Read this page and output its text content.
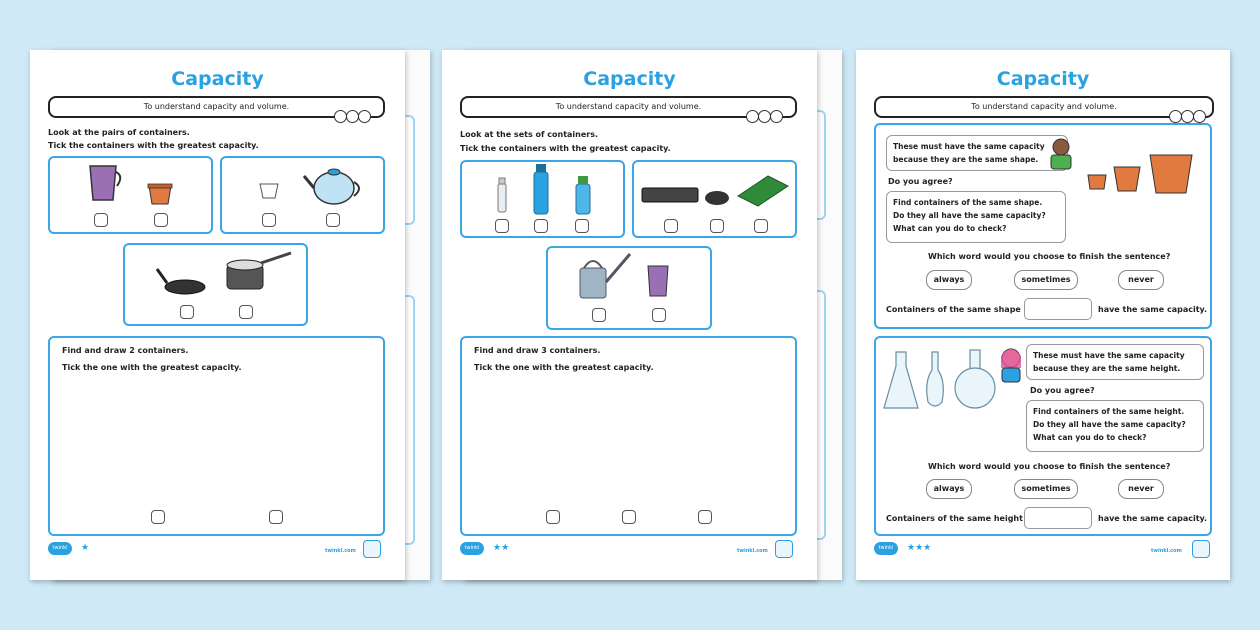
Capacity
To understand capacity and volume.
Look at the pairs of containers.
Tick the containers with the greatest capacity.
Find and draw 2 containers.
Tick the one with the greatest capacity.
twinkl	★	twinkl.com
Capacity
To understand capacity and volume.
Look at the sets of containers.
Tick the containers with the greatest capacity.
Find and draw 3 containers.
Tick the one with the greatest capacity.
twinkl	★★	twinkl.com
Capacity
To understand capacity and volume.
These must have the same capacity
because they are the same shape.
Do you agree?
Find containers of the same shape.
Do they all have the same capacity?
What can you do to check?
Which word would you choose to finish the sentence?
always	sometimes	never
Containers of the same shape	have the same capacity.
These must have the same capacity
because they are the same height.
Do you agree?
Find containers of the same height.
Do they all have the same capacity?
What can you do to check?
Which word would you choose to finish the sentence?
always	sometimes	never
Containers of the same height	have the same capacity.
twinkl	★★★	twinkl.com
